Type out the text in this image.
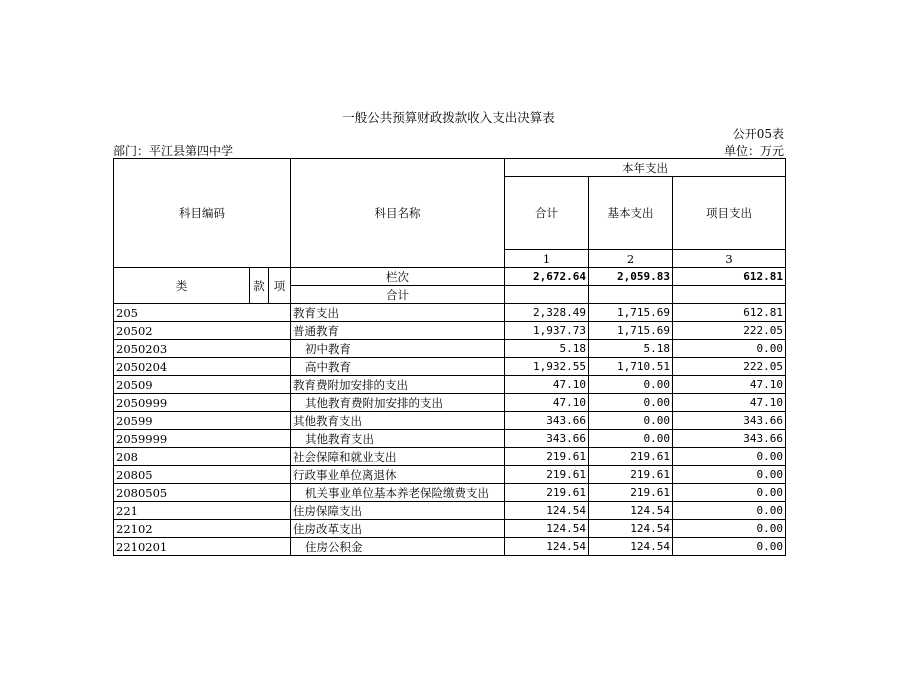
一般公共预算财政拨款收入支出决算表
公开05表
部门：平江县第四中学	单位：万元
科目编码			科目名称	本年支出		
				合计	基本支出	项目支出
				1	2	3
类	款	项	栏次	2,672.64	2,059.83	612.81
			合计			
205			教育支出	2,328.49	1,715.69	612.81
20502			普通教育	1,937.73	1,715.69	222.05
2050203			初中教育	5.18	5.18	0.00
2050204			高中教育	1,932.55	1,710.51	222.05
20509			教育费附加安排的支出	47.10	0.00	47.10
2050999			其他教育费附加安排的支出	47.10	0.00	47.10
20599			其他教育支出	343.66	0.00	343.66
2059999			其他教育支出	343.66	0.00	343.66
208			社会保障和就业支出	219.61	219.61	0.00
20805			行政事业单位离退休	219.61	219.61	0.00
2080505			机关事业单位基本养老保险缴费支出	219.61	219.61	0.00
221			住房保障支出	124.54	124.54	0.00
22102			住房改革支出	124.54	124.54	0.00
2210201			住房公积金	124.54	124.54	0.00
